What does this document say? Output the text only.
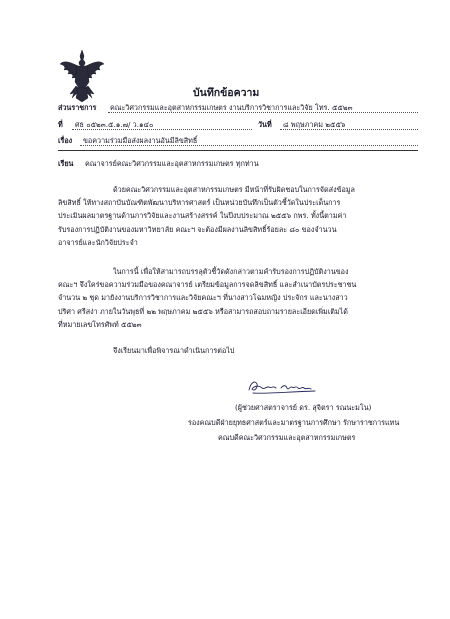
บันทึกข้อความ
ส่วนราชการ คณะวิศวกรรมและอุตสาหกรรมเกษตร งานบริการวิชาการและวิจัย โทร. ๕๕๒๓
ที่ ศธ ๐๕๒๓.๕.๑.๗/ ว.๑๔๐	วันที่ ๘ พฤษภาคม ๒๕๕๖
เรื่อง ขอความร่วมมือส่งผลงานอันมีลิขสิทธิ์
เรียน คณาจารย์คณะวิศวกรรมและอุตสาหกรรมเกษตร ทุกท่าน
ด้วยคณะวิศวกรรมและอุตสาหกรรมเกษตร มีหน้าที่รับผิดชอบในการจัดส่งข้อมูล
ลิขสิทธิ์ ให้ทางสถาบันบัณฑิตพัฒนาบริหารศาสตร์ เป็นหน่วยบันทึกเป็นตัวชี้วัดในประเด็นการ
ประเมินผลมาตรฐานด้านการวิจัยและงานสร้างสรรค์ ในปีงบประมาณ ๒๕๕๖ กพร. ทั้งนี้ตามค่า
รับรองการปฏิบัติงานของมหาวิทยาลัย คณะฯ จะต้องมีผลงานลิขสิทธิ์ร้อยละ ๘๐ ของจำนวน
อาจารย์และนักวิจัยประจำ
ในการนี้ เพื่อให้สามารถบรรลุตัวชี้วัดดังกล่าวตามคำรับรองการปฏิบัติงานของ
คณะฯ จึงใคร่ขอความร่วมมือของคณาจารย์ เตรียมข้อมูลการจดลิขสิทธิ์ และสำเนาบัตรประชาชน
จำนวน ๒ ชุด มายังงานบริการวิชาการและวิจัยคณะฯ ที่นางสาวโฉมหญิง ประจักร และนางสาว
ปริศา ศรีสง่า ภายในวันพุธที่ ๒๒ พฤษภาคม ๒๕๕๖ หรือสามารถสอบถามรายละเอียดเพิ่มเติมได้
ที่หมายเลขโทรศัพท์ ๕๕๒๓
จึงเรียนมาเพื่อพิจารณาดำเนินการต่อไป
(ผู้ช่วยศาสตราจารย์ ดร. สุจิตรา รณนะมโน)
รองคณบดีฝ่ายยุทธศาสตร์และมาตรฐานการศึกษา รักษาราชการแทน
คณบดีคณะวิศวกรรมและอุตสาหกรรมเกษตร
